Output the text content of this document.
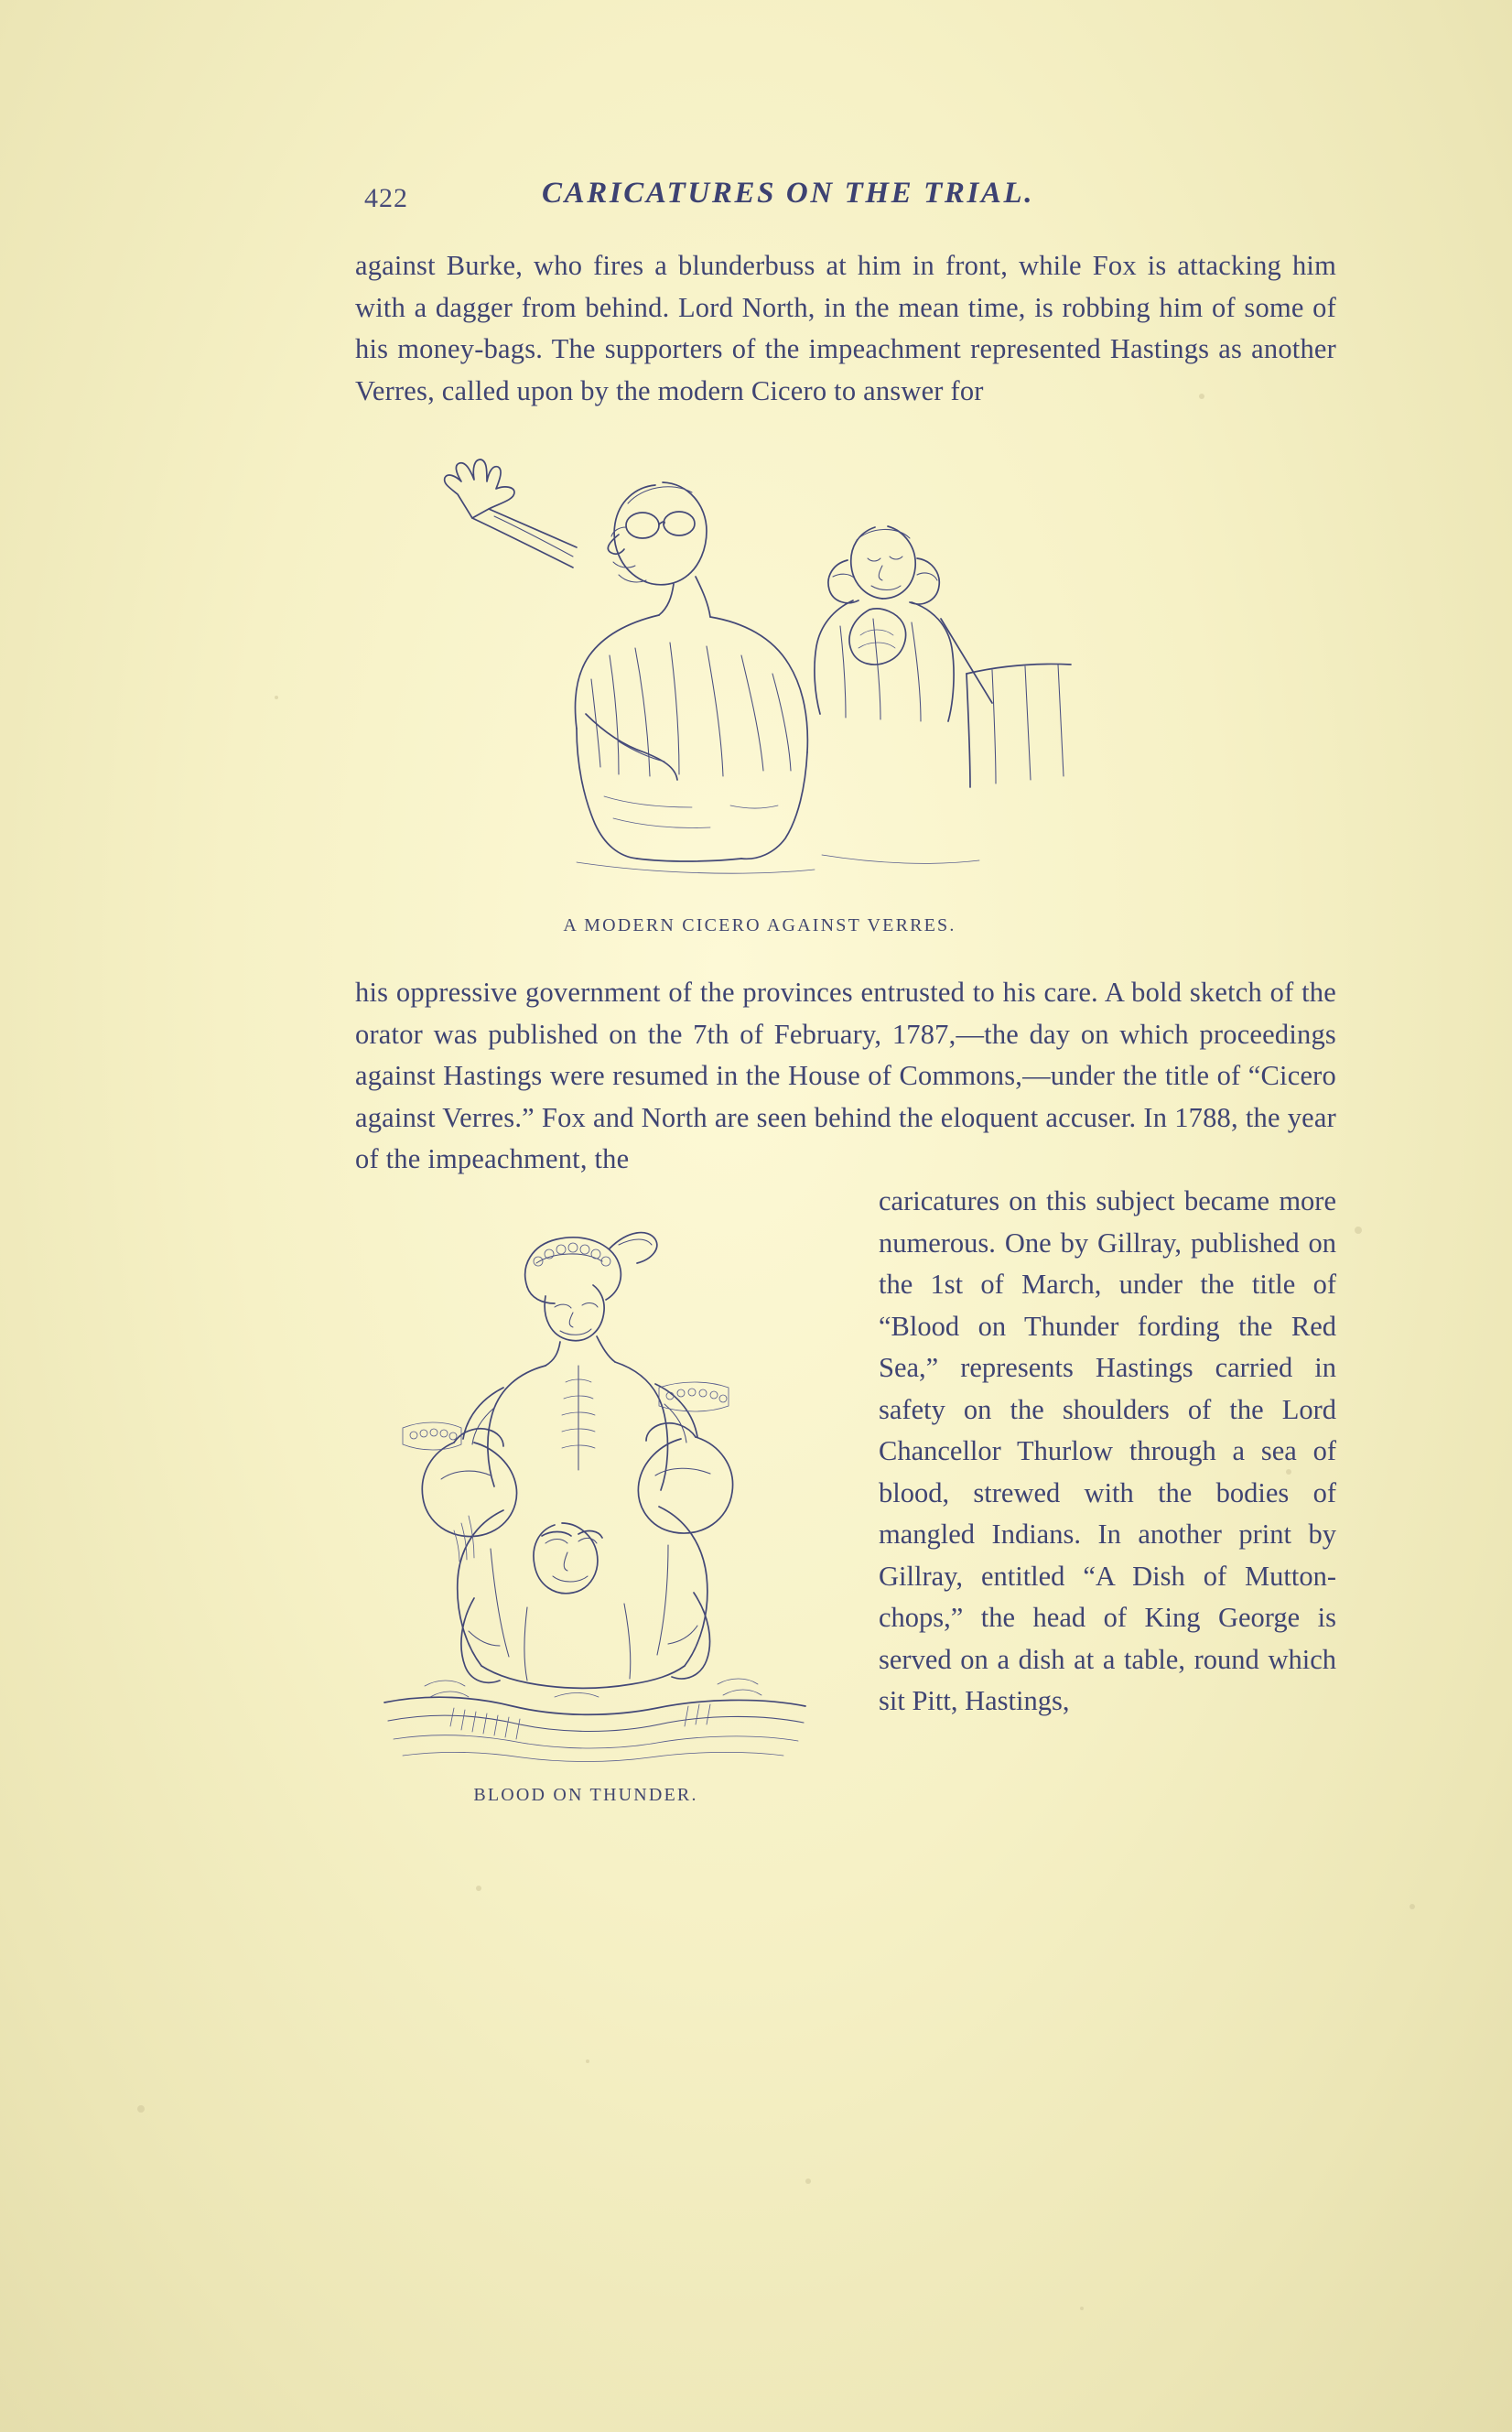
422	CARICATURES ON THE TRIAL.

against Burke, who fires a blunderbuss at him in front, while Fox is attacking him with a dagger from behind. Lord North, in the mean time, is robbing him of some of his money-bags. The supporters of the impeachment represented Hastings as another Verres, called upon by the modern Cicero to answer for

A MODERN CICERO AGAINST VERRES.

his oppressive government of the provinces entrusted to his care. A bold sketch of the orator was published on the 7th of February, 1787,—the day on which proceedings against Hastings were resumed in the House of Commons,—under the title of “Cicero against Verres.” Fox and North are seen behind the eloquent accuser. In 1788, the year of the impeachment, the

BLOOD ON THUNDER.

caricatures on this subject became more numerous. One by Gillray, published on the 1st of March, under the title of “Blood on Thunder fording the Red Sea,” represents Hastings carried in safety on the shoulders of the Lord Chancellor Thurlow through a sea of blood, strewed with the bodies of mangled Indians. In another print by Gillray, entitled “A Dish of Mutton-chops,” the head of King George is served on a dish at a table, round which sit Pitt, Hastings,
